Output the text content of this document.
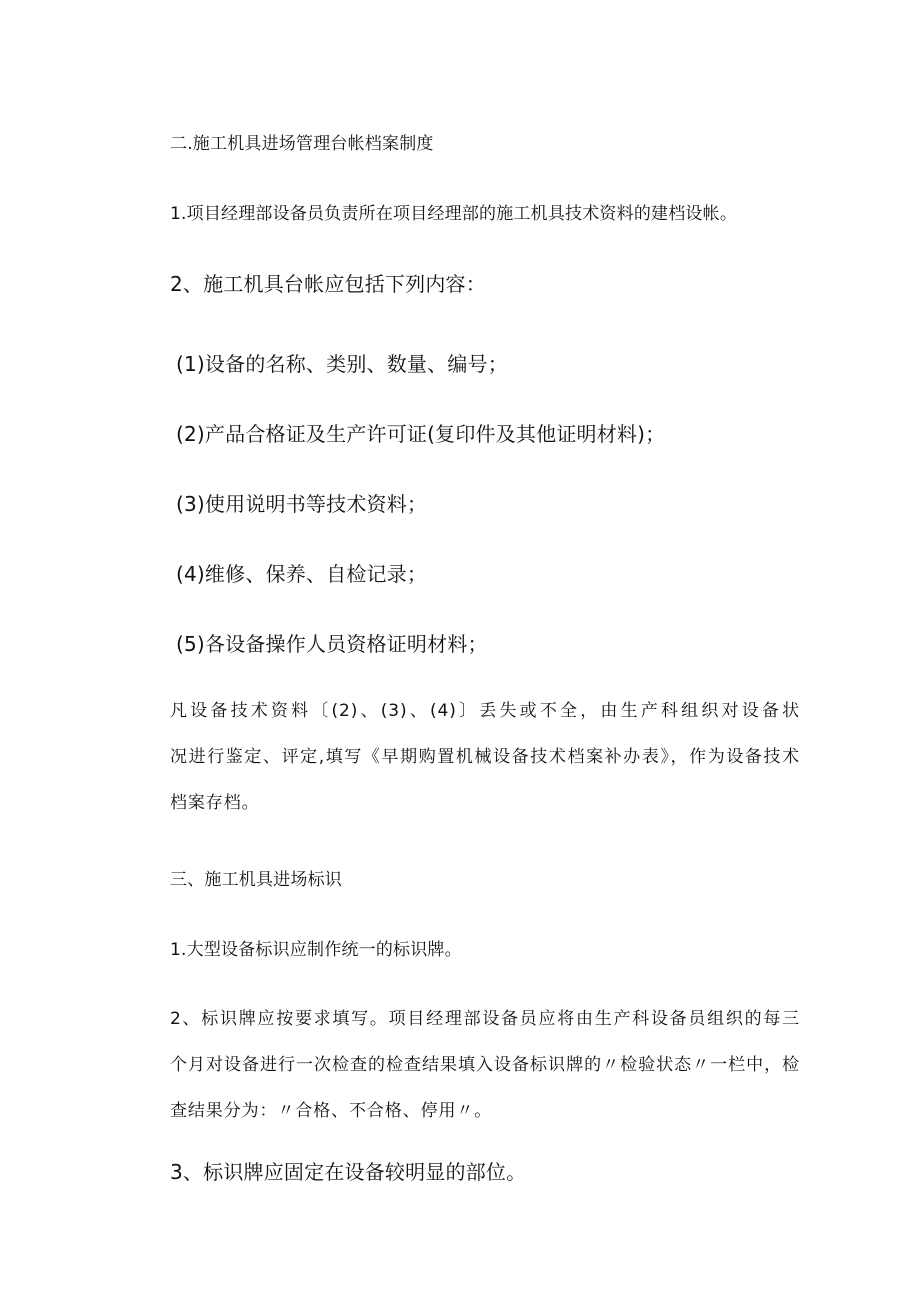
二.施工机具进场管理台帐档案制度
1.项目经理部设备员负责所在项目经理部的施工机具技术资料的建档设帐。
2、施工机具台帐应包括下列内容：
(1)设备的名称、类别、数量、编号；
(2)产品合格证及生产许可证(复印件及其他证明材料)；
(3)使用说明书等技术资料；
(4)维修、保养、自检记录；
(5)各设备操作人员资格证明材料；
凡设备技术资料〔(2)、(3)、(4)〕丢失或不全，由生产科组织对设备状
况进行鉴定、评定,填写《早期购置机械设备技术档案补办表》，作为设备技术
档案存档。
三、施工机具进场标识
1.大型设备标识应制作统一的标识牌。
2、标识牌应按要求填写。项目经理部设备员应将由生产科设备员组织的每三
个月对设备进行一次检查的检查结果填入设备标识牌的〃检验状态〃一栏中，检
查结果分为：〃合格、不合格、停用〃。
3、标识牌应固定在设备较明显的部位。
